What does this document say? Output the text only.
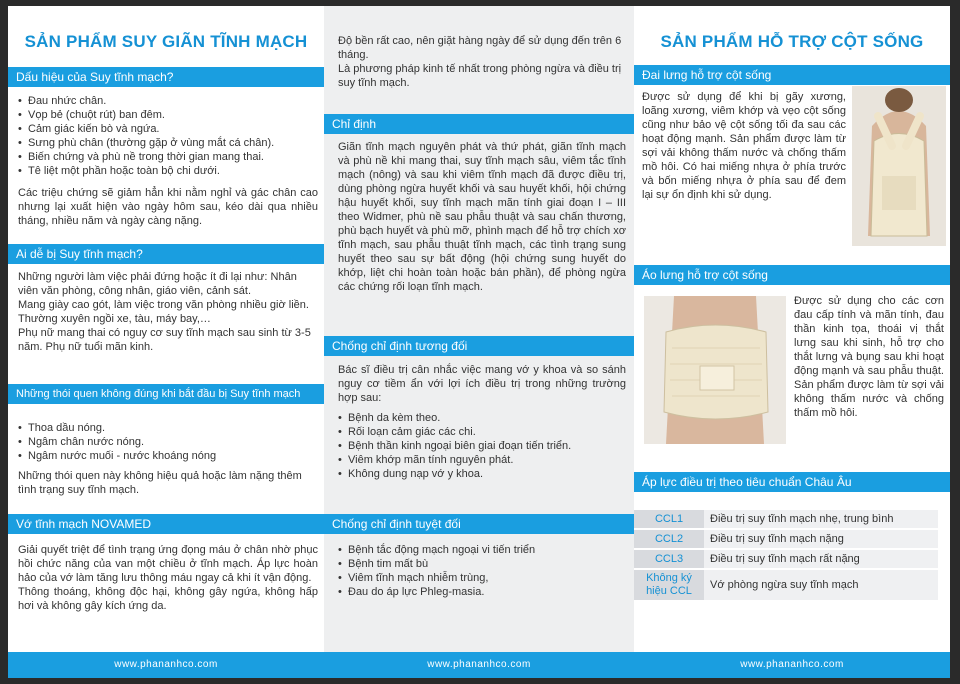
SẢN PHẨM SUY GIÃN TĨNH MẠCH
Dấu hiệu của Suy tĩnh mạch?
• Đau nhức chân.
• Vọp bẻ (chuột rút) ban đêm.
• Cảm giác kiến bò và ngứa.
• Sưng phù chân (thường gặp ở vùng mắt cá chân).
• Biến chứng và phù nề trong thời gian mang thai.
• Tê liệt một phần hoặc toàn bộ chi dưới.

Các triệu chứng sẽ giảm hẳn khi nằm nghỉ và gác chân cao nhưng lại xuất hiện vào ngày hôm sau, kéo dài qua nhiều tháng, nhiều năm và ngày càng nặng.

Ai dễ bị Suy tĩnh mạch?

Những người làm việc phải đứng hoặc ít đi lại như: Nhân viên văn phòng, công nhân, giáo viên, cảnh sát.

Mang giày cao gót, làm việc trong văn phòng nhiều giờ liền.

Thường xuyên ngồi xe, tàu, máy bay,…

Phụ nữ mang thai có nguy cơ suy tĩnh mạch sau sinh từ 3-5 năm. Phụ nữ tuổi mãn kinh.

Những thói quen không đúng khi bắt đầu bị Suy tĩnh mạch
• Thoa dầu nóng.
• Ngâm chân nước nóng.
• Ngâm nước muối - nước khoáng nóng

Những thói quen này không hiệu quả hoặc làm nặng thêm tình trạng suy tĩnh mạch.

Vớ tĩnh mạch NOVAMED

Giải quyết triệt để tình trạng ứng đọng máu ở chân nhờ phục hồi chức năng của van một chiều ở tĩnh mạch. Áp lực hoàn hảo của vớ làm tăng lưu thông máu ngay cả khi ít vận động.

Thông thoáng, không độc hại, không gây ngứa, không hấp hơi và không gây kích ứng da.

www.phananhco.com

Độ bền rất cao, nên giặt hàng ngày để sử dụng đến trên 6 tháng.

Là phương pháp kinh tế nhất trong phòng ngừa và điều trị suy tĩnh mạch.

Chỉ định

Giãn tĩnh mạch nguyên phát và thứ phát, giãn tĩnh mạch và phù nề khi mang thai, suy tĩnh mạch sâu, viêm tắc tĩnh mạch (nông) và sau khi viêm tĩnh mạch đã được điều trị, dùng phòng ngừa huyết khối và sau huyết khối, hội chứng hậu huyết khối, suy tĩnh mạch mãn tính giai đoạn I – III theo Widmer, phù nề sau phẫu thuật và sau chấn thương, phù bạch huyết và phù mỡ, phình mạch để hỗ trợ chích xơ tĩnh mạch, sau phẫu thuật tĩnh mạch, các tình trạng sung huyết theo sau sự bất động (hội chứng sung huyết do khớp, liệt chi hoàn toàn hoặc bán phần), để phòng ngừa các chứng rối loạn tĩnh mạch.

Chống chỉ định tương đối

Bác sĩ điều trị cân nhắc việc mang vớ y khoa và so sánh nguy cơ tiềm ẩn với lợi ích điều trị trong những trường hợp sau:

• Bệnh da kèm theo.
• Rối loạn cảm giác các chi.
• Bệnh thần kinh ngoại biên giai đoạn tiến triển.
• Viêm khớp mãn tính nguyên phát.
• Không dung nạp vớ y khoa.
Chống chỉ định tuyệt đối
• Bệnh tắc động mạch ngoại vi tiến triển
• Bệnh tim mất bù
• Viêm tĩnh mạch nhiễm trùng,
• Đau do áp lực Phleg-masia.
www.phananhco.com
SẢN PHẨM HỖ TRỢ CỘT SỐNG
Đai lưng hỗ trợ cột sống

Được sử dụng để khi bị gãy xương, loãng xương, viêm khớp và vẹo cột sống cũng như bảo vệ cột sống tối đa sau các hoạt động mạnh. Sản phẩm được làm từ sợi vải không thấm nước và chống thấm mồ hôi. Có hai miếng nhựa ở phía trước và bốn miếng nhựa ở phía sau để đem lại sự ổn định khi sử dụng.

Áo lưng hỗ trợ cột sống

Được sử dụng cho các cơn đau cấp tính và mãn tính, đau thần kinh tọa, thoái vị thắt lưng sau khi sinh, hỗ trợ cho thắt lưng và bụng sau khi hoạt động mạnh và sau phẫu thuật. Sản phẩm được làm từ sợi vải không thấm nước và chống thấm mồ hôi.

Áp lực điều trị theo tiêu chuẩn Châu Âu
CCL1	Điều trị suy tĩnh mạch nhẹ, trung bình
CCL2	Điều trị suy tĩnh mạch nặng
CCL3	Điều trị suy tĩnh mạch rất nặng
Không ký hiệu CCL	Vớ phòng ngừa suy tĩnh mạch
www.phananhco.com
